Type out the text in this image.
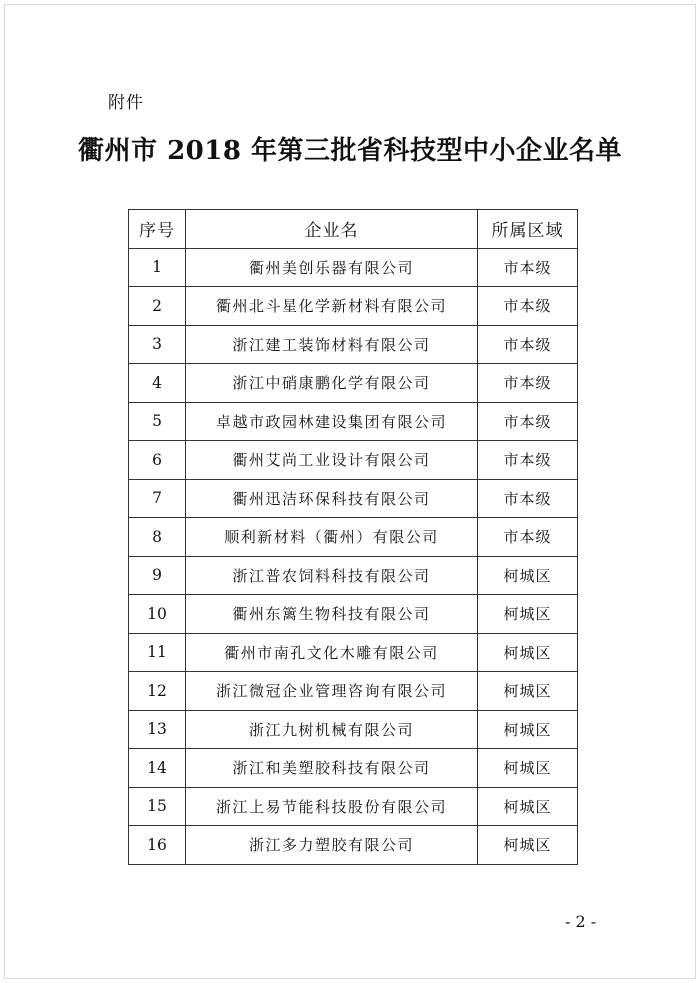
附件
衢州市 2018 年第三批省科技型中小企业名单
序号	企业名	所属区域
1	衢州美创乐器有限公司	市本级
2	衢州北斗星化学新材料有限公司	市本级
3	浙江建工装饰材料有限公司	市本级
4	浙江中硝康鹏化学有限公司	市本级
5	卓越市政园林建设集团有限公司	市本级
6	衢州艾尚工业设计有限公司	市本级
7	衢州迅洁环保科技有限公司	市本级
8	顺利新材料（衢州）有限公司	市本级
9	浙江普农饲料科技有限公司	柯城区
10	衢州东篱生物科技有限公司	柯城区
11	衢州市南孔文化木雕有限公司	柯城区
12	浙江微冠企业管理咨询有限公司	柯城区
13	浙江九树机械有限公司	柯城区
14	浙江和美塑胶科技有限公司	柯城区
15	浙江上易节能科技股份有限公司	柯城区
16	浙江多力塑胶有限公司	柯城区
- 2 -
